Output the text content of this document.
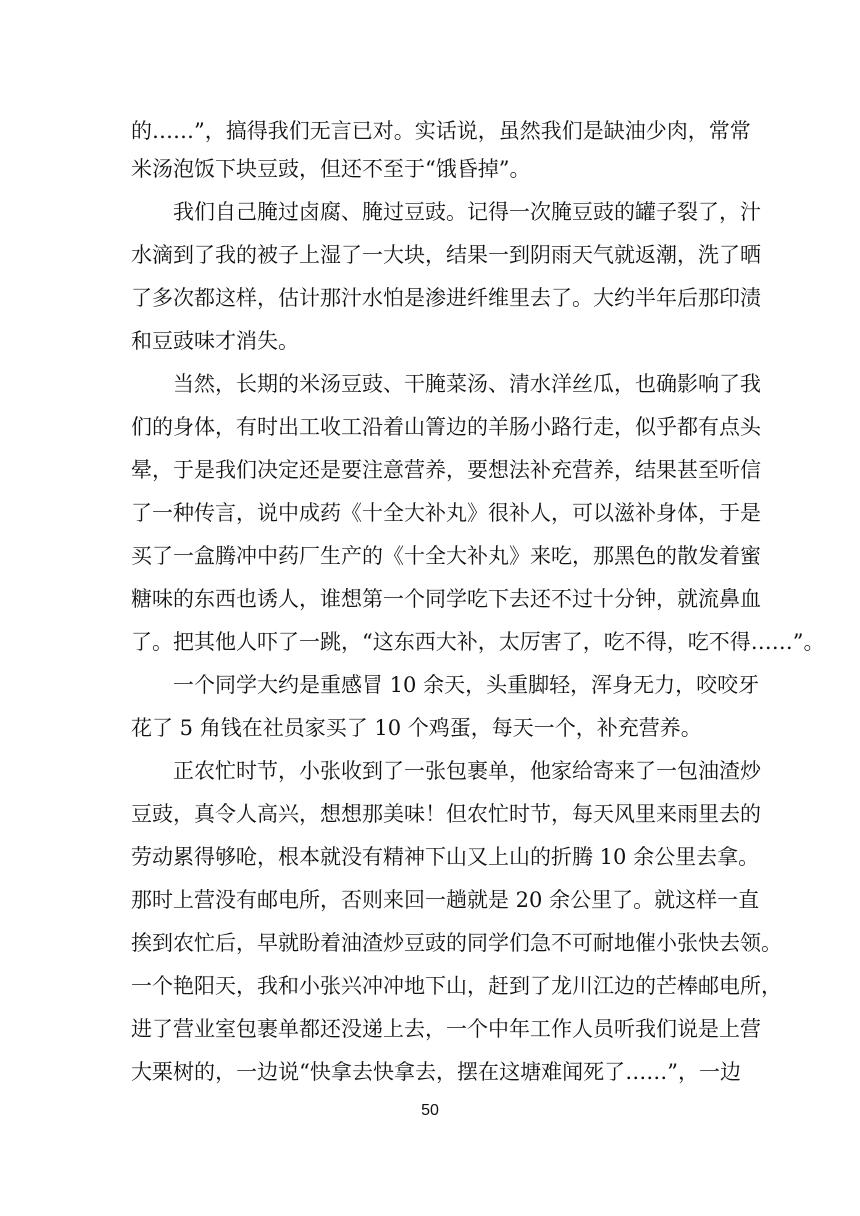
的……”，搞得我们无言已对。实话说，虽然我们是缺油少肉，常常
米汤泡饭下块豆豉，但还不至于“饿昏掉”。
我们自己腌过卤腐、腌过豆豉。记得一次腌豆豉的罐子裂了，汁
水滴到了我的被子上湿了一大块，结果一到阴雨天气就返潮，洗了晒
了多次都这样，估计那汁水怕是渗进纤维里去了。大约半年后那印渍
和豆豉味才消失。
当然，长期的米汤豆豉、干腌菜汤、清水洋丝瓜，也确影响了我
们的身体，有时出工收工沿着山箐边的羊肠小路行走，似乎都有点头
晕，于是我们决定还是要注意营养，要想法补充营养，结果甚至听信
了一种传言，说中成药《十全大补丸》很补人，可以滋补身体，于是
买了一盒腾冲中药厂生产的《十全大补丸》来吃，那黑色的散发着蜜
糖味的东西也诱人，谁想第一个同学吃下去还不过十分钟，就流鼻血
了。把其他人吓了一跳，“这东西大补，太厉害了，吃不得，吃不得……”。
一个同学大约是重感冒 10 余天，头重脚轻，浑身无力，咬咬牙
花了 5 角钱在社员家买了 10 个鸡蛋，每天一个，补充营养。
正农忙时节，小张收到了一张包裹单，他家给寄来了一包油渣炒
豆豉，真令人高兴，想想那美味！但农忙时节，每天风里来雨里去的
劳动累得够呛，根本就没有精神下山又上山的折腾 10 余公里去拿。
那时上营没有邮电所，否则来回一趟就是 20 余公里了。就这样一直
挨到农忙后，早就盼着油渣炒豆豉的同学们急不可耐地催小张快去领。
一个艳阳天，我和小张兴冲冲地下山，赶到了龙川江边的芒棒邮电所，
进了营业室包裹单都还没递上去，一个中年工作人员听我们说是上营
大栗树的，一边说“快拿去快拿去，摆在这塘难闻死了……”，一边
50
